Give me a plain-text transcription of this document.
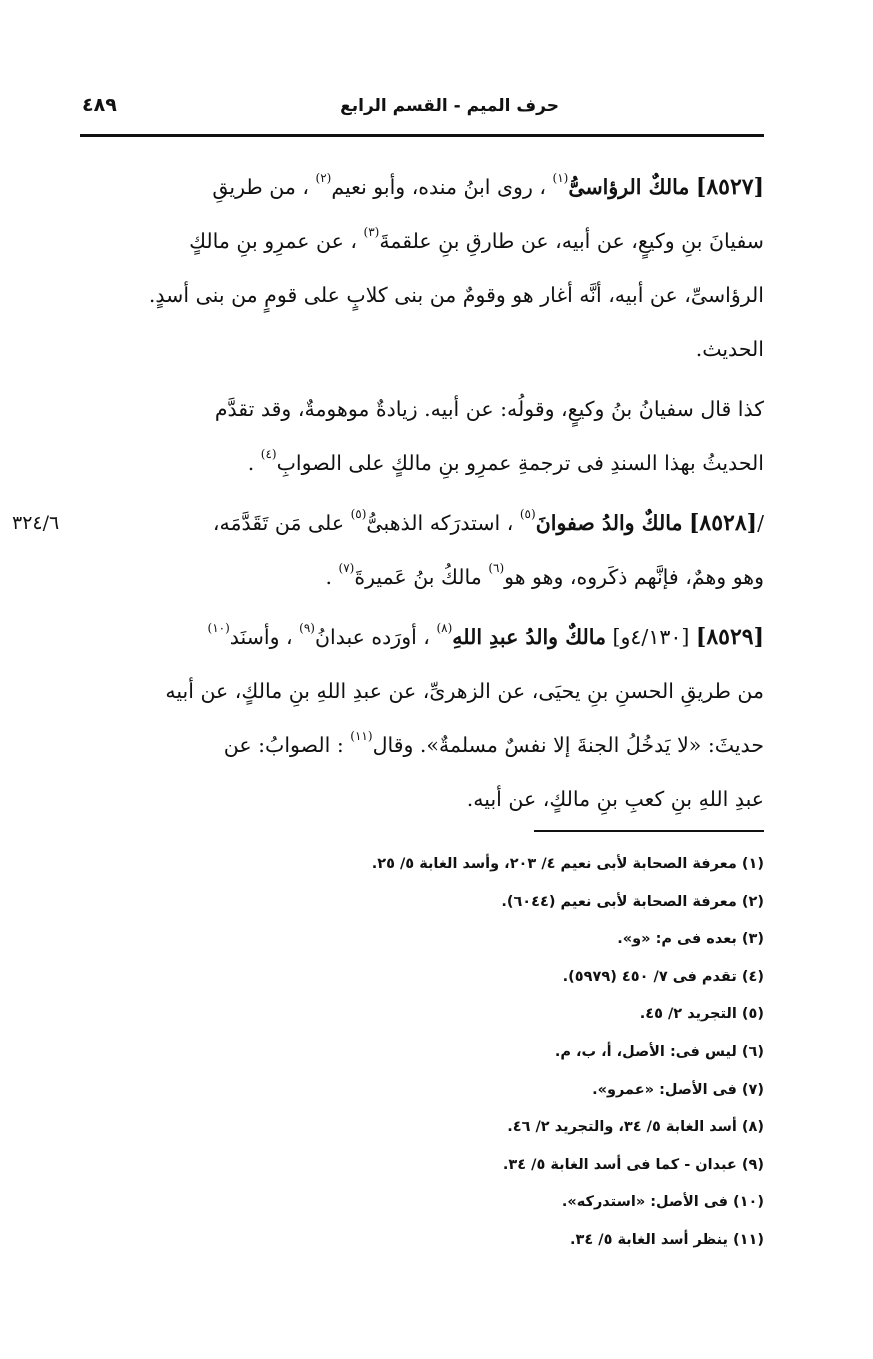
حرف الميم - القسم الرابع
٤٨٩
٣٢٤/٦

[٨٥٢٧] مالكٌ الرؤاسىُّ$^{(١)}$ ، روى ابنُ منده، وأبو نعيم$^{(٢)}$ ، من طريقِ

سفيانَ بنِ وكيعٍ، عن أبيه، عن طارقِ بنِ علقمةَ$^{(٣)}$ ، عن عمرِو بنِ مالكٍ

الرؤاسىِّ، عن أبيه، أنَّه أغار هو وقومٌ من بنى كلابٍ على قومٍ من بنى أسدٍ.

الحديث.

كذا قال سفيانُ بنُ وكيعٍ، وقولُه: عن أبيه. زيادةٌ موهومةٌ، وقد تقدَّم

الحديثُ بهذا السندِ فى ترجمةِ عمرِو بنِ مالكٍ على الصوابِ$^{(٤)}$ .

/[٨٥٢٨] مالكٌ والدُ صفوانَ$^{(٥)}$ ، استدرَكه الذهبىُّ$^{(٥)}$ على مَن تَقَدَّمَه،

وهو وهمٌ، فإنَّهم ذكَروه، وهو هو$^{(٦)}$ مالكُ بنُ عَميرةَ$^{(٧)}$ .

[٨٥٢٩] [٤/١٣٠و] مالكٌ والدُ عبدِ اللهِ$^{(٨)}$ ، أورَده عبدانُ$^{(٩)}$ ، وأسنَد$^{(١٠)}$

من طريقِ الحسنِ بنِ يحيَى، عن الزهرىِّ، عن عبدِ اللهِ بنِ مالكٍ، عن أبيه

حديثَ: «لا يَدخُلُ الجنةَ إلا نفسٌ مسلمةٌ». وقال$^{(١١)}$ : الصوابُ: عن

عبدِ اللهِ بنِ كعبِ بنِ مالكٍ، عن أبيه.

(١) معرفة الصحابة لأبى نعيم ٤/ ٢٠٣، وأسد الغابة ٥/ ٢٥.
(٢) معرفة الصحابة لأبى نعيم (٦٠٤٤).
(٣) بعده فى م: «و».
(٤) تقدم فى ٧/ ٤٥٠ (٥٩٧٩).
(٥) التجريد ٢/ ٤٥.
(٦) ليس فى: الأصل، أ، ب، م.
(٧) فى الأصل: «عمرو».
(٨) أسد الغابة ٥/ ٣٤، والتجريد ٢/ ٤٦.
(٩) عبدان - كما فى أسد الغابة ٥/ ٣٤.
(١٠) فى الأصل: «استدركه».
(١١) ينظر أسد الغابة ٥/ ٣٤.
